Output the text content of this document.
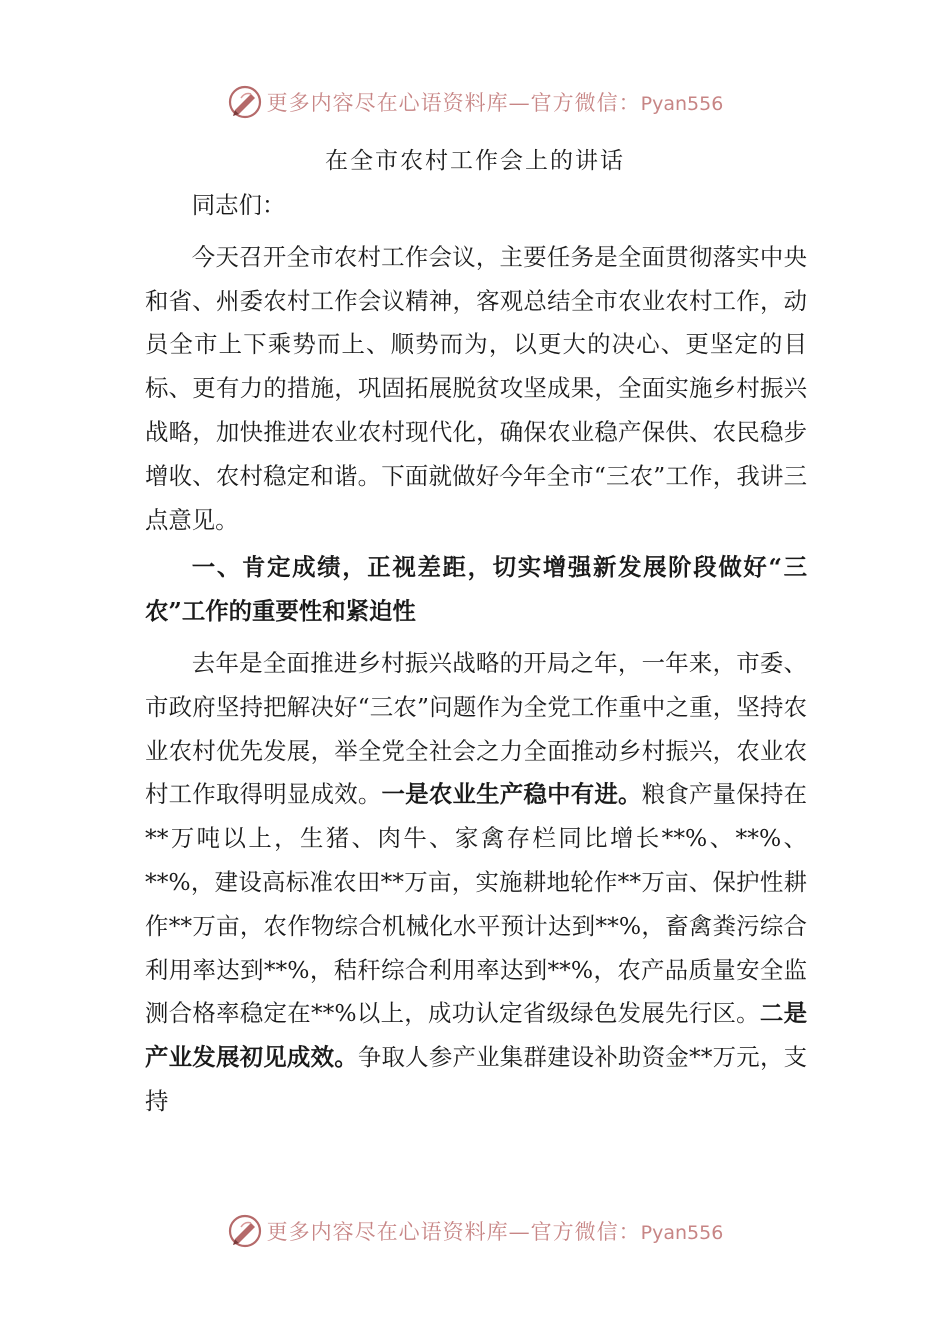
更多内容尽在心语资料库—官方微信：Pyan556
在全市农村工作会上的讲话

同志们：

今天召开全市农村工作会议，主要任务是全面贯彻落实中央和省、州委农村工作会议精神，客观总结全市农业农村工作，动员全市上下乘势而上、顺势而为，以更大的决心、更坚定的目标、更有力的措施，巩固拓展脱贫攻坚成果，全面实施乡村振兴战略，加快推进农业农村现代化，确保农业稳产保供、农民稳步增收、农村稳定和谐。下面就做好今年全市“三农”工作，我讲三点意见。

一、肯定成绩，正视差距，切实增强新发展阶段做好“三农”工作的重要性和紧迫性

去年是全面推进乡村振兴战略的开局之年，一年来，市委、市政府坚持把解决好“三农”问题作为全党工作重中之重，坚持农业农村优先发展，举全党全社会之力全面推动乡村振兴，农业农村工作取得明显成效。一是农业生产稳中有进。粮食产量保持在**万吨以上，生猪、肉牛、家禽存栏同比增长**%、**%、**%，建设高标准农田**万亩，实施耕地轮作**万亩、保护性耕作**万亩，农作物综合机械化水平预计达到**%，畜禽粪污综合利用率达到**%，秸秆综合利用率达到**%，农产品质量安全监测合格率稳定在**%以上，成功认定省级绿色发展先行区。二是产业发展初见成效。争取人参产业集群建设补助资金**万元，支持

更多内容尽在心语资料库—官方微信：Pyan556
